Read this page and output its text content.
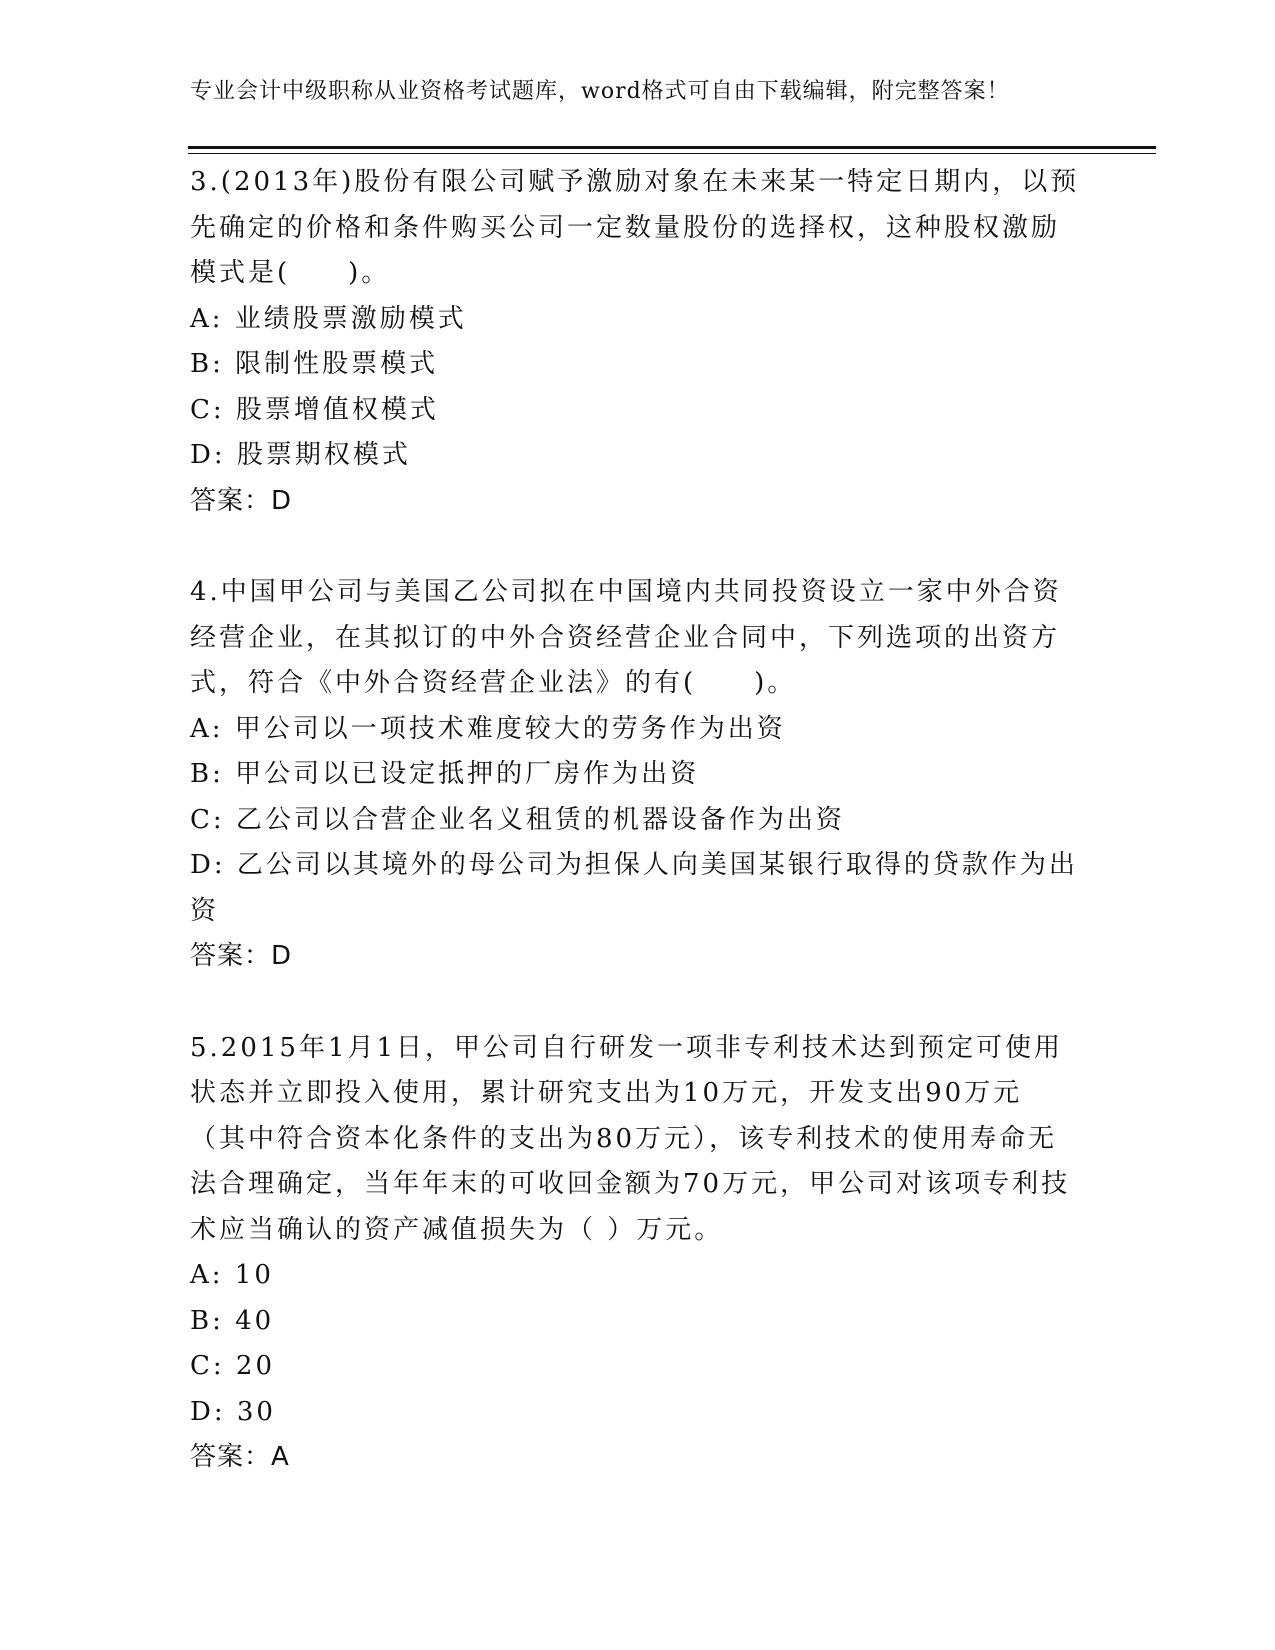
专业会计中级职称从业资格考试题库，word格式可自由下载编辑，附完整答案！

3.(2013年)股份有限公司赋予激励对象在未来某一特定日期内，以预先确定的价格和条件购买公司一定数量股份的选择权，这种股权激励模式是(　　)。

A: 业绩股票激励模式

B: 限制性股票模式

C: 股票增值权模式

D: 股票期权模式

答案：D

4.中国甲公司与美国乙公司拟在中国境内共同投资设立一家中外合资经营企业，在其拟订的中外合资经营企业合同中，下列选项的出资方式，符合《中外合资经营企业法》的有(　　)。

A: 甲公司以一项技术难度较大的劳务作为出资

B: 甲公司以已设定抵押的厂房作为出资

C: 乙公司以合营企业名义租赁的机器设备作为出资

D: 乙公司以其境外的母公司为担保人向美国某银行取得的贷款作为出资

答案：D

5.2015年1月1日，甲公司自行研发一项非专利技术达到预定可使用状态并立即投入使用，累计研究支出为10万元，开发支出90万元（其中符合资本化条件的支出为80万元），该专利技术的使用寿命无法合理确定，当年年末的可收回金额为70万元，甲公司对该项专利技术应当确认的资产减值损失为（ ）万元。

A: 10

B: 40

C: 20

D: 30

答案：A
